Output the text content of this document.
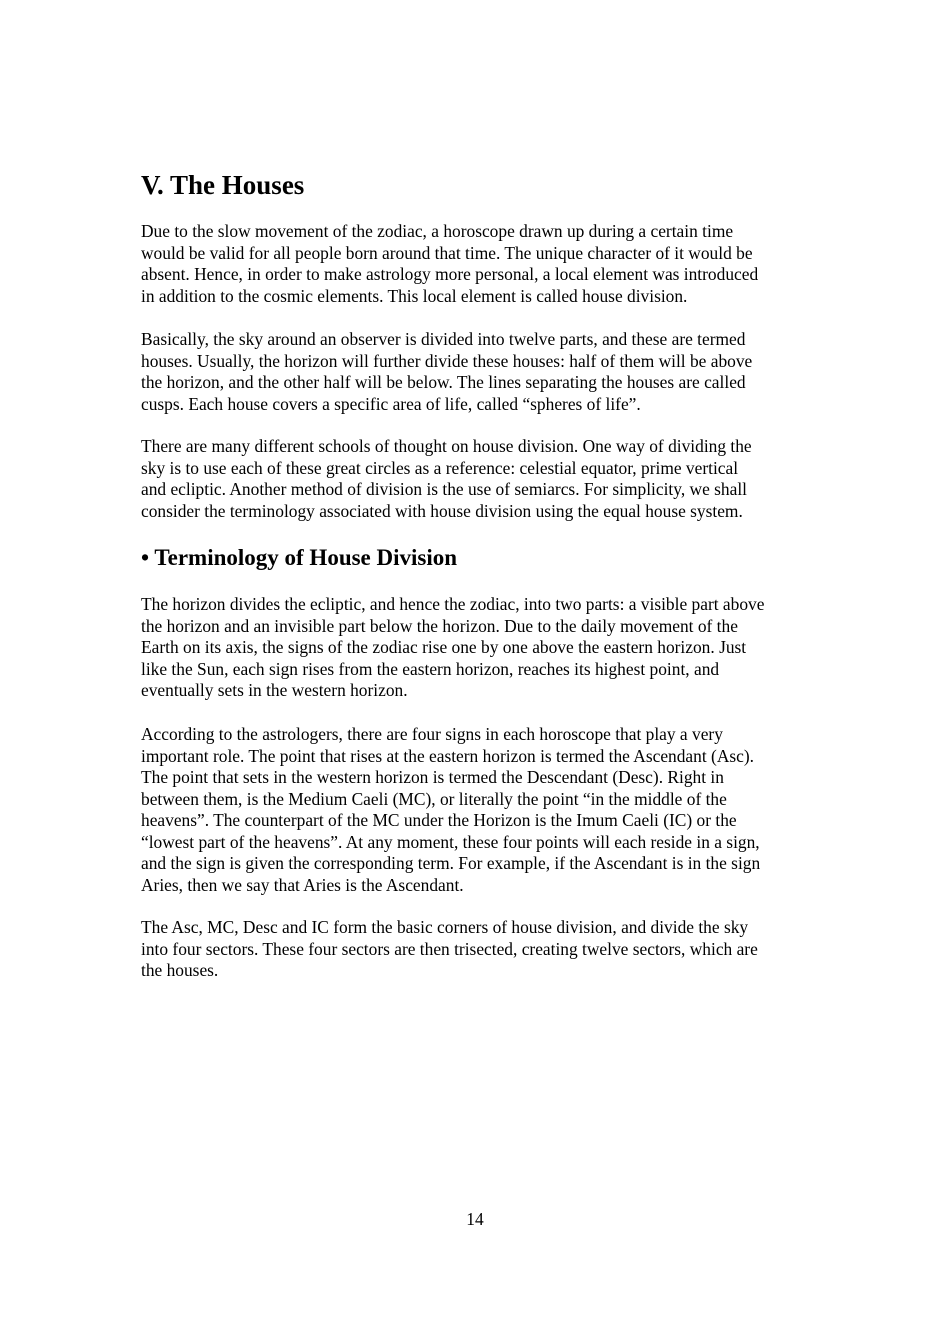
V. The Houses

Due to the slow movement of the zodiac, a horoscope drawn up during a certain time
would be valid for all people born around that time. The unique character of it would be
absent. Hence, in order to make astrology more personal, a local element was introduced
in addition to the cosmic elements. This local element is called house division.

Basically, the sky around an observer is divided into twelve parts, and these are termed
houses. Usually, the horizon will further divide these houses: half of them will be above
the horizon, and the other half will be below. The lines separating the houses are called
cusps. Each house covers a specific area of life, called “spheres of life”.

There are many different schools of thought on house division. One way of dividing the
sky is to use each of these great circles as a reference: celestial equator, prime vertical
and ecliptic. Another method of division is the use of semiarcs. For simplicity, we shall
consider the terminology associated with house division using the equal house system.

• Terminology of House Division

The horizon divides the ecliptic, and hence the zodiac, into two parts: a visible part above
the horizon and an invisible part below the horizon. Due to the daily movement of the
Earth on its axis, the signs of the zodiac rise one by one above the eastern horizon. Just
like the Sun, each sign rises from the eastern horizon, reaches its highest point, and
eventually sets in the western horizon.

According to the astrologers, there are four signs in each horoscope that play a very
important role. The point that rises at the eastern horizon is termed the Ascendant (Asc).
The point that sets in the western horizon is termed the Descendant (Desc). Right in
between them, is the Medium Caeli (MC), or literally the point “in the middle of the
heavens”. The counterpart of the MC under the Horizon is the Imum Caeli (IC) or the
“lowest part of the heavens”. At any moment, these four points will each reside in a sign,
and the sign is given the corresponding term. For example, if the Ascendant is in the sign
Aries, then we say that Aries is the Ascendant.

The Asc, MC, Desc and IC form the basic corners of house division, and divide the sky
into four sectors. These four sectors are then trisected, creating twelve sectors, which are
the houses.

14
